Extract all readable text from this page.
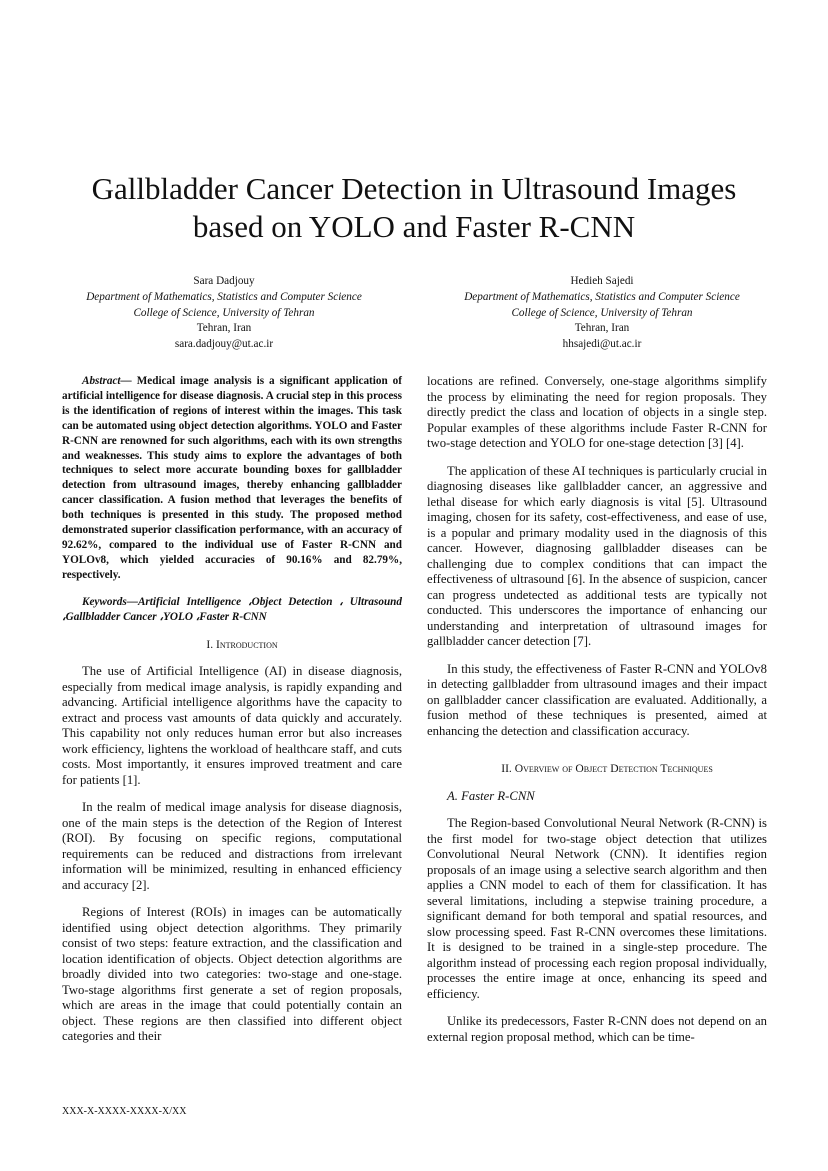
Gallbladder Cancer Detection in Ultrasound Images
based on YOLO and Faster R-CNN
Sara Dadjouy
Department of Mathematics, Statistics and Computer Science
College of Science, University of Tehran
Tehran, Iran
sara.dadjouy@ut.ac.ir
Hedieh Sajedi
Department of Mathematics, Statistics and Computer Science
College of Science, University of Tehran
Tehran, Iran
hhsajedi@ut.ac.ir

Abstract— Medical image analysis is a significant application of artificial intelligence for disease diagnosis. A crucial step in this process is the identification of regions of interest within the images. This task can be automated using object detection algorithms. YOLO and Faster R-CNN are renowned for such algorithms, each with its own strengths and weaknesses. This study aims to explore the advantages of both techniques to select more accurate bounding boxes for gallbladder detection from ultrasound images, thereby enhancing gallbladder cancer classification. A fusion method that leverages the benefits of both techniques is presented in this study. The proposed method demonstrated superior classification performance, with an accuracy of 92.62%, compared to the individual use of Faster R-CNN and YOLOv8, which yielded accuracies of 90.16% and 82.79%, respectively.

Keywords—Artificial Intelligence ،Object Detection ، Ultrasound ،Gallbladder Cancer ،YOLO ،Faster R-CNN

I. Introduction

The use of Artificial Intelligence (AI) in disease diagnosis, especially from medical image analysis, is rapidly expanding and advancing. Artificial intelligence algorithms have the capacity to extract and process vast amounts of data quickly and accurately. This capability not only reduces human error but also increases work efficiency, lightens the workload of healthcare staff, and cuts costs. Most importantly, it ensures improved treatment and care for patients [1].

In the realm of medical image analysis for disease diagnosis, one of the main steps is the detection of the Region of Interest (ROI). By focusing on specific regions, computational requirements can be reduced and distractions from irrelevant information will be minimized, resulting in enhanced efficiency and accuracy [2].

Regions of Interest (ROIs) in images can be automatically identified using object detection algorithms. They primarily consist of two steps: feature extraction, and the classification and location identification of objects. Object detection algorithms are broadly divided into two categories: two-stage and one-stage. Two-stage algorithms first generate a set of region proposals, which are areas in the image that could potentially contain an object. These regions are then classified into different object categories and their

locations are refined. Conversely, one-stage algorithms simplify the process by eliminating the need for region proposals. They directly predict the class and location of objects in a single step. Popular examples of these algorithms include Faster R-CNN for two-stage detection and YOLO for one-stage detection [3] [4].

The application of these AI techniques is particularly crucial in diagnosing diseases like gallbladder cancer, an aggressive and lethal disease for which early diagnosis is vital [5]. Ultrasound imaging, chosen for its safety, cost-effectiveness, and ease of use, is a popular and primary modality used in the diagnosis of this cancer. However, diagnosing gallbladder diseases can be challenging due to complex conditions that can impact the effectiveness of ultrasound [6]. In the absence of suspicion, cancer can progress undetected as additional tests are typically not conducted. This underscores the importance of enhancing our understanding and interpretation of ultrasound images for gallbladder cancer detection [7].

In this study, the effectiveness of Faster R-CNN and YOLOv8 in detecting gallbladder from ultrasound images and their impact on gallbladder cancer classification are evaluated. Additionally, a fusion method of these techniques is presented, aimed at enhancing the detection and classification accuracy.

II. Overview of Object Detection Techniques

A. Faster R-CNN

The Region-based Convolutional Neural Network (R-CNN) is the first model for two-stage object detection that utilizes Convolutional Neural Network (CNN). It identifies region proposals of an image using a selective search algorithm and then applies a CNN model to each of them for classification. It has several limitations, including a stepwise training procedure, a significant demand for both temporal and spatial resources, and slow processing speed. Fast R-CNN overcomes these limitations. It is designed to be trained in a single-step procedure. The algorithm instead of processing each region proposal individually, processes the entire image at once, enhancing its speed and efficiency.

Unlike its predecessors, Faster R-CNN does not depend on an external region proposal method, which can be time-

XXX-X-XXXX-XXXX-X/XX
